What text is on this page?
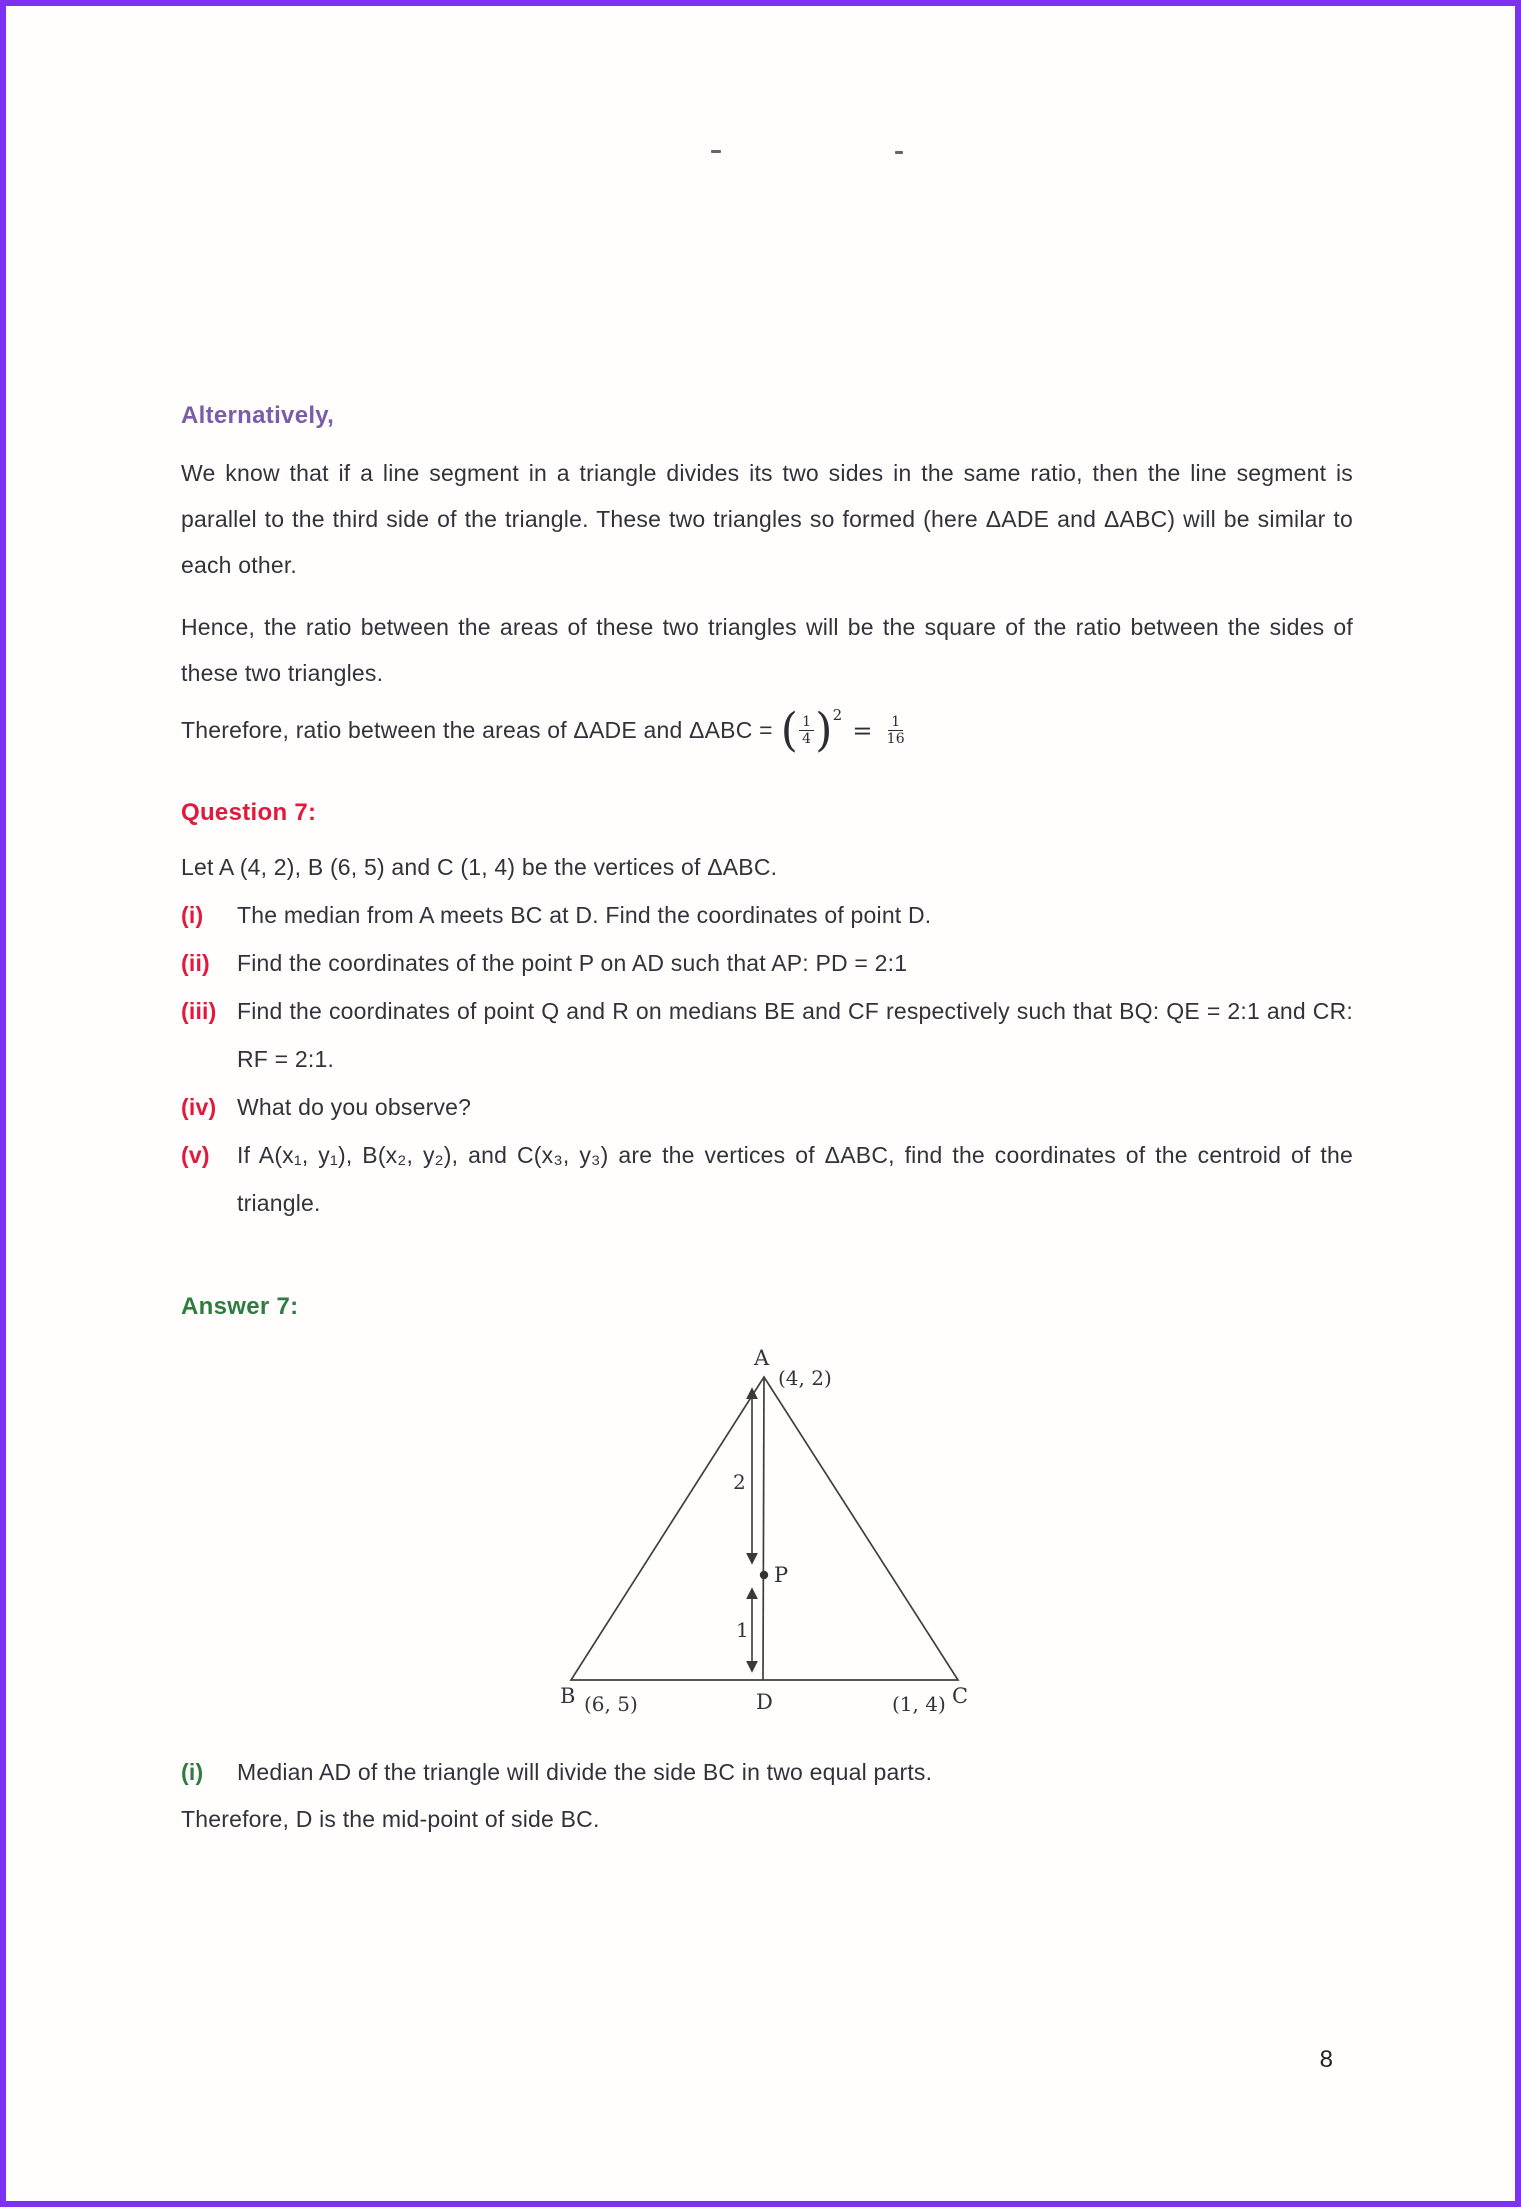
Alternatively,
We know that if a line segment in a triangle divides its two sides in the same ratio, then the line segment is parallel to the third side of the triangle. These two triangles so formed (here ΔADE and ΔABC) will be similar to each other.
Hence, the ratio between the areas of these two triangles will be the square of the ratio between the sides of these two triangles.
Therefore, ratio between the areas of ΔADE and ΔABC = ( $\frac{1}{4}$ ) 2
= $\frac{1}{16}$
Question 7:
Let A (4, 2), B (6, 5) and C (1, 4) be the vertices of ΔABC.
(i)	The median from A meets BC at D. Find the coordinates of point D.
(ii)	Find the coordinates of the point P on AD such that AP: PD = 2:1
(iii) Find the coordinates of point Q and R on medians BE and CF respectively such that BQ: QE = 2:1 and CR: RF = 2:1.
(iv) What do you observe?
(v)	If A(x₁, y₁), B(x₂, y₂), and C(x₃, y₃) are the vertices of ΔABC, find the coordinates of the centroid of the triangle.
Answer 7:
A
(4, 2)
B (6, 5)	(1, 4) C
D
P
2
1
(i)	Median AD of the triangle will divide the side BC in two equal parts.
Therefore, D is the mid-point of side BC.
8
